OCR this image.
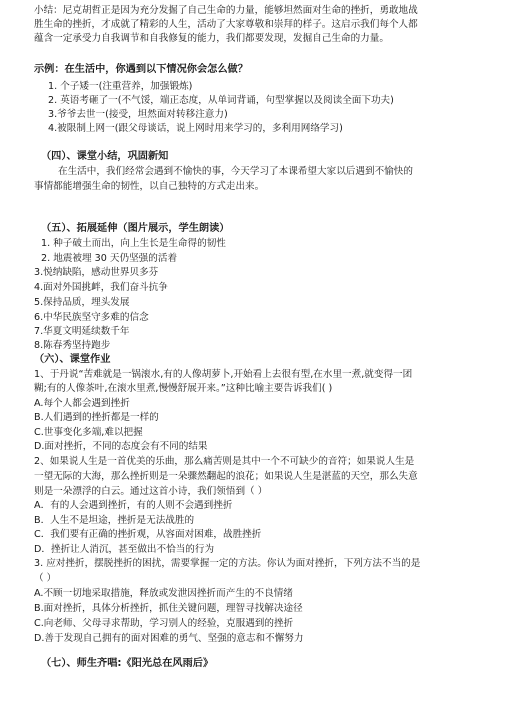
小结：尼克胡哲正是因为充分发掘了自己生命的力量，能够坦然面对生命的挫折，勇敢地战
胜生命的挫折，才成就了精彩的人生，活动了大家尊敬和崇拜的样子。这启示我们每个人都
蕴含一定承受力自我调节和自我修复的能力，我们都要发现，发掘自己生命的力量。
示例：在生活中，你遇到以下情况你会怎么做？
1. 个子矮一(注重营养，加强锻炼)
2. 英语考砸了一(不气馁，端正态度，从单词背诵，句型掌握以及阅读全面下功夫)
3.爷爷去世一(接受，坦然面对转移注意力)
4.被限制上网一(跟父母谈话，说上网时用来学习的，多利用网络学习)
（四）、课堂小结，巩固新知
在生活中，我们经常会遇到不愉快的事，今天学习了本课希望大家以后遇到不愉快的
事情都能增强生命的韧性，以自己独特的方式走出来。
（五）、拓展延伸（图片展示，学生朗读）
1. 种子破土而出，向上生长是生命得的韧性
2. 地震被埋 30 天仍坚强的活着
3.悦纳缺陷，感动世界贝多芬
4.面对外国挑衅，我们奋斗抗争
5.保持品质，埋头发展
6.中华民族坚守多难的信念
7.华夏文明延续数千年
8.陈春秀坚持跑步
（六）、课堂作业
1、于丹说“苦难就是一锅滚水,有的人像胡萝卜,开始看上去很有型,在水里一煮,就变得一团
糊;有的人像茶叶,在滚水里煮,慢慢舒展开来。”这种比喻主要告诉我们( )
A.每个人都会遇到挫折
B.人们遇到的挫折都是一样的
C.世事变化多端,难以把握
D.面对挫折，不同的态度会有不同的结果
2、如果说人生是一首优美的乐曲，那么痛苦则是其中一个不可缺少的音符；如果说人生是
一望无际的大海，那么挫折则是一朵骤然翻起的浪花；如果说人生是湛蓝的天空，那么失意
则是一朵漂浮的白云。通过这首小诗，我们领悟到（ ）
A．有的人会遇到挫折，有的人则不会遇到挫折
B．人生不是坦途，挫折是无法战胜的
C．我们要有正确的挫折观，从容面对困难，战胜挫折
D．挫折让人消沉，甚至做出不恰当的行为
3. 应对挫折，摆脱挫折的困扰，需要掌握一定的方法。你认为面对挫折，下列方法不当的是
（ ）
A.不顾一切地采取措施，释放或发泄因挫折而产生的不良情绪
B.面对挫折，具体分析挫折，抓住关键问题，理智寻找解决途径
C.向老师、父母寻求帮助，学习别人的经验，克服遇到的挫折
D.善于发现自己拥有的面对困难的勇气、坚强的意志和不懈努力
（七）、师生齐唱:《阳光总在风雨后》
